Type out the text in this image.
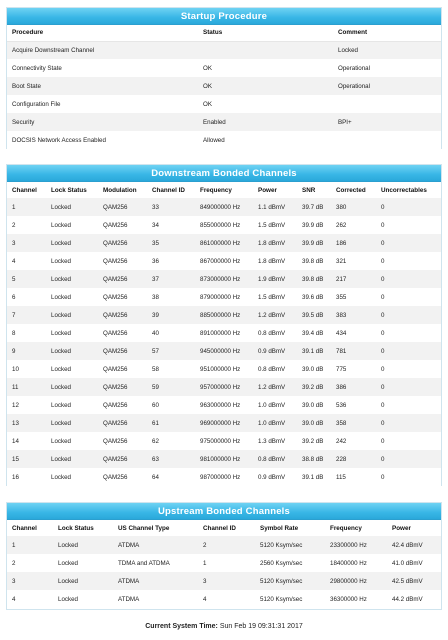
Startup Procedure
Procedure	Status	Comment
Acquire Downstream Channel		Locked
Connectivity State	OK	Operational
Boot State	OK	Operational
Configuration File	OK	
Security	Enabled	BPI+
DOCSIS Network Access Enabled	Allowed	
Downstream Bonded Channels
Channel	Lock Status	Modulation	Channel ID	Frequency	Power	SNR	Corrected	Uncorrectables
1	Locked	QAM256	33	849000000 Hz	1.1 dBmV	39.7 dB	380	0
2	Locked	QAM256	34	855000000 Hz	1.5 dBmV	39.9 dB	262	0
3	Locked	QAM256	35	861000000 Hz	1.8 dBmV	39.9 dB	186	0
4	Locked	QAM256	36	867000000 Hz	1.8 dBmV	39.8 dB	321	0
5	Locked	QAM256	37	873000000 Hz	1.9 dBmV	39.8 dB	217	0
6	Locked	QAM256	38	879000000 Hz	1.5 dBmV	39.6 dB	355	0
7	Locked	QAM256	39	885000000 Hz	1.2 dBmV	39.5 dB	383	0
8	Locked	QAM256	40	891000000 Hz	0.8 dBmV	39.4 dB	434	0
9	Locked	QAM256	57	945000000 Hz	0.9 dBmV	39.1 dB	781	0
10	Locked	QAM256	58	951000000 Hz	0.8 dBmV	39.0 dB	775	0
11	Locked	QAM256	59	957000000 Hz	1.2 dBmV	39.2 dB	386	0
12	Locked	QAM256	60	963000000 Hz	1.0 dBmV	39.0 dB	536	0
13	Locked	QAM256	61	969000000 Hz	1.0 dBmV	39.0 dB	358	0
14	Locked	QAM256	62	975000000 Hz	1.3 dBmV	39.2 dB	242	0
15	Locked	QAM256	63	981000000 Hz	0.8 dBmV	38.8 dB	228	0
16	Locked	QAM256	64	987000000 Hz	0.9 dBmV	39.1 dB	115	0
Upstream Bonded Channels
Channel	Lock Status	US Channel Type	Channel ID	Symbol Rate	Frequency	Power
1	Locked	ATDMA	2	5120 Ksym/sec	23300000 Hz	42.4 dBmV
2	Locked	TDMA and ATDMA	1	2560 Ksym/sec	18400000 Hz	41.0 dBmV
3	Locked	ATDMA	3	5120 Ksym/sec	29800000 Hz	42.5 dBmV
4	Locked	ATDMA	4	5120 Ksym/sec	36300000 Hz	44.2 dBmV
Current System Time: Sun Feb 19 09:31:31 2017
